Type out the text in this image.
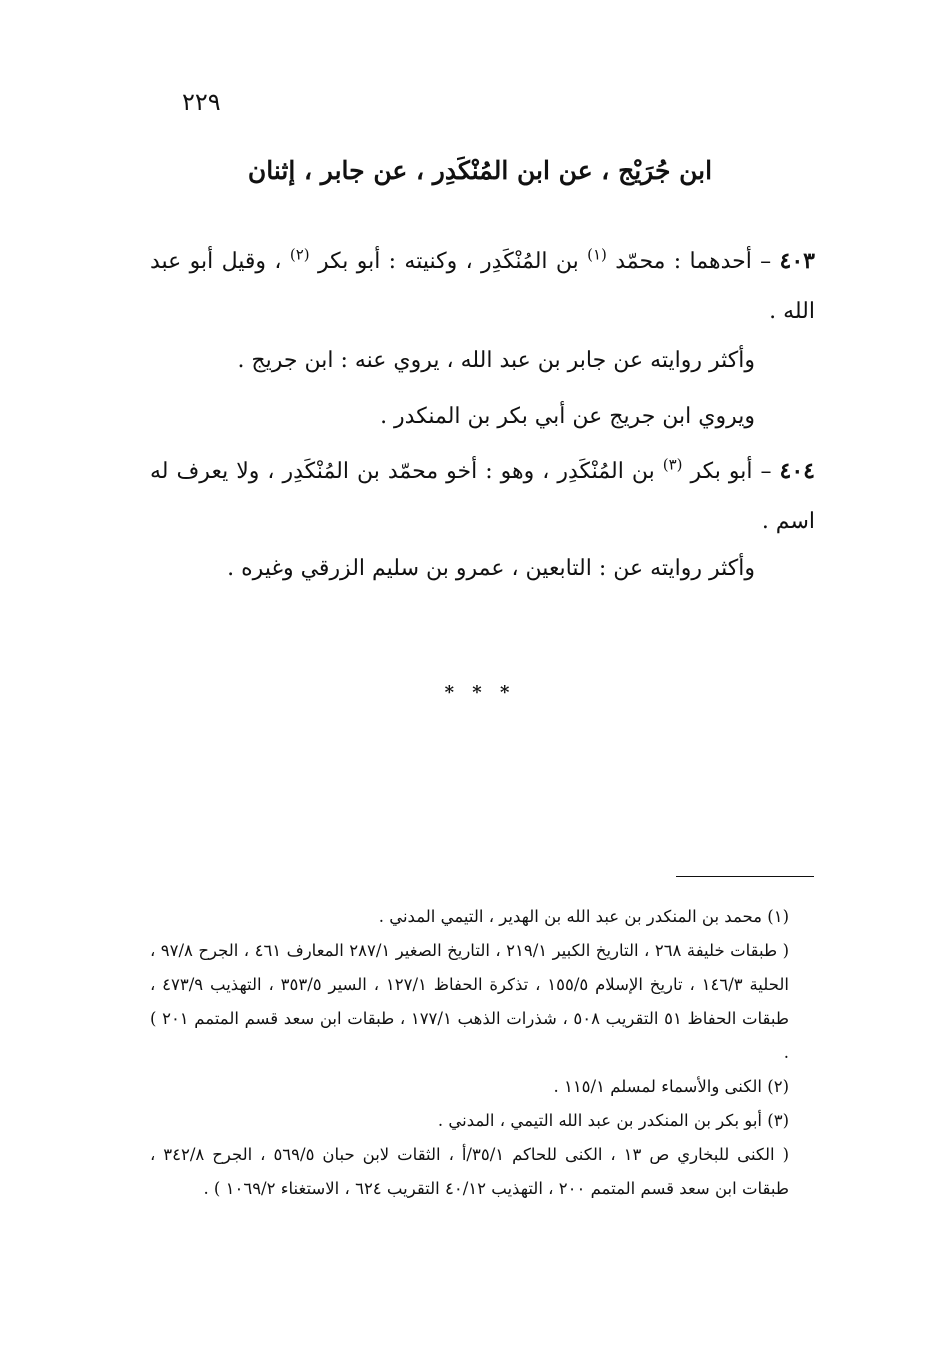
٢٢٩
ابن جُرَيْج ، عن ابن المُنْكَدِر ، عن جابر ، إثنان
٤٠٣ – أحدهما : محمّد $^{(١)}$ بن المُنْكَدِر ، وكنيته : أبو بكر $^{(٢)}$ ، وقيل أبو عبد الله .
وأكثر روايته عن جابر بن عبد الله ، يروي عنه : ابن جريج .
ويروي ابن جريج عن أبي بكر بن المنكدر .
٤٠٤ – أبو بكر $^{(٣)}$ بن المُنْكَدِر ، وهو : أخو محمّد بن المُنْكَدِر ، ولا يعرف له اسم .
وأكثر روايته عن : التابعين ، عمرو بن سليم الزرقي وغيره .
* * *

(١) محمد بن المنكدر بن عبد الله بن الهدير ، التيمي المدني .

( طبقات خليفة ٢٦٨ ، التاريخ الكبير ٢١٩/١ ، التاريخ الصغير ٢٨٧/١ المعارف ٤٦١ ، الجرح ٩٧/٨ ، الحلية ١٤٦/٣ ، تاريخ الإسلام ١٥٥/٥ ، تذكرة الحفاظ ١٢٧/١ ، السير ٣٥٣/٥ ، التهذيب ٤٧٣/٩ ، طبقات الحفاظ ٥١ التقريب ٥٠٨ ، شذرات الذهب ١٧٧/١ ، طبقات ابن سعد قسم المتمم ٢٠١ ) .

(٢) الكنى والأسماء لمسلم ١١٥/١ .

(٣) أبو بكر بن المنكدر بن عبد الله التيمي ، المدني .

( الكنى للبخاري ص ١٣ ، الكنى للحاكم ٣٥/١/أ ، الثقات لابن حبان ٥٦٩/٥ ، الجرح ٣٤٢/٨ ، طبقات ابن سعد قسم المتمم ٢٠٠ ، التهذيب ٤٠/١٢ التقريب ٦٢٤ ، الاستغناء ١٠٦٩/٢ ) .
